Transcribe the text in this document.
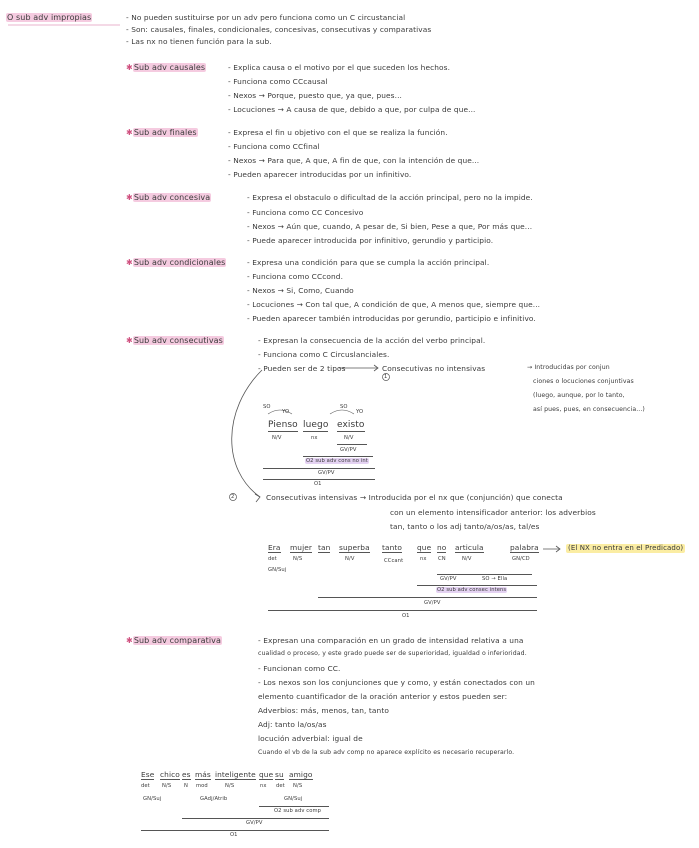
O sub adv impropias	- No pueden sustituirse por un adv pero funciona como un C circustancial
- Son: causales, finales, condicionales, concesivas, consecutivas y comparativas
- Las nx no tienen función para la sub.
✱Sub adv causales	- Explica causa o el motivo por el que suceden los hechos.
- Funciona como CCcausal
- Nexos → Porque, puesto que, ya que, pues...
- Locuciones → A causa de que, debido a que, por culpa de que...
✱Sub adv finales	- Expresa el fin u objetivo con el que se realiza la función.
- Funciona como CCfinal
- Nexos → Para que, A que, A fin de que, con la intención de que...
- Pueden aparecer introducidas por un infinitivo.
✱Sub adv concesiva	- Expresa el obstaculo o dificultad de la acción principal, pero no la impide.
- Funciona como CC Concesivo
- Nexos → Aún que, cuando, A pesar de, Si bien, Pese a que, Por más que...
- Puede aparecer introducida por infinitivo, gerundio y participio.
✱Sub adv condicionales	- Expresa una condición para que se cumpla la acción principal.
- Funciona como CCcond.
- Nexos → Si, Como, Cuando
- Locuciones → Con tal que, A condición de que, A menos que, siempre que...
- Pueden aparecer también introducidas por gerundio, participio e infinitivo.
✱Sub adv consecutivas	- Expresan la consecuencia de la acción del verbo principal.
- Funciona como C Circuslanciales.
- Pueden ser de 2 tipos
1
Consecutivas no intensivas	→ Introducidas por conjun
ciones o locuciones conjuntivas
(luego, aunque, por lo tanto,
así pues, pues, en consecuencia...)
SO
YO
SO
YO
Pienso luego existo
N/V	nx	N/V
GV/PV
O2 sub adv cons no int
GV/PV
O1
2	Consecutivas intensivas → Introducida por el nx que (conjunción) que conecta
con un elemento intensificador anterior: los adverbios
tan, tanto o los adj tanto/a/os/as, tal/es
Era mujer tan superba tanto que no articula	palabra
det	N/S	N/V	CCcant	nx CN	N/V	GN/CD
GN/Suj
GV/PV	SO → Ella
O2 sub adv consec intens
GV/PV
O1
(El NX no entra en el Predicado)
✱Sub adv comparativa	- Expresan una comparación en un grado de intensidad relativa a una
cualidad o proceso, y este grado puede ser de superioridad, igualdad o inferioridad.
- Funcionan como CC.
- Los nexos son los conjunciones que y como, y están conectados con un
elemento cuantificador de la oración anterior y estos pueden ser:
Adverbios: más, menos, tan, tanto
Adj: tanto la/os/as
locución adverbial: igual de
Cuando el vb de la sub adv comp no aparece explícito es necesario recuperarlo.
Ese chico es más inteligente que su amigo
det N/S N mod	N/S	nx det N/S
GN/Suj	GAdj/Atrib	GN/Suj
O2 sub adv comp
GV/PV
O1
